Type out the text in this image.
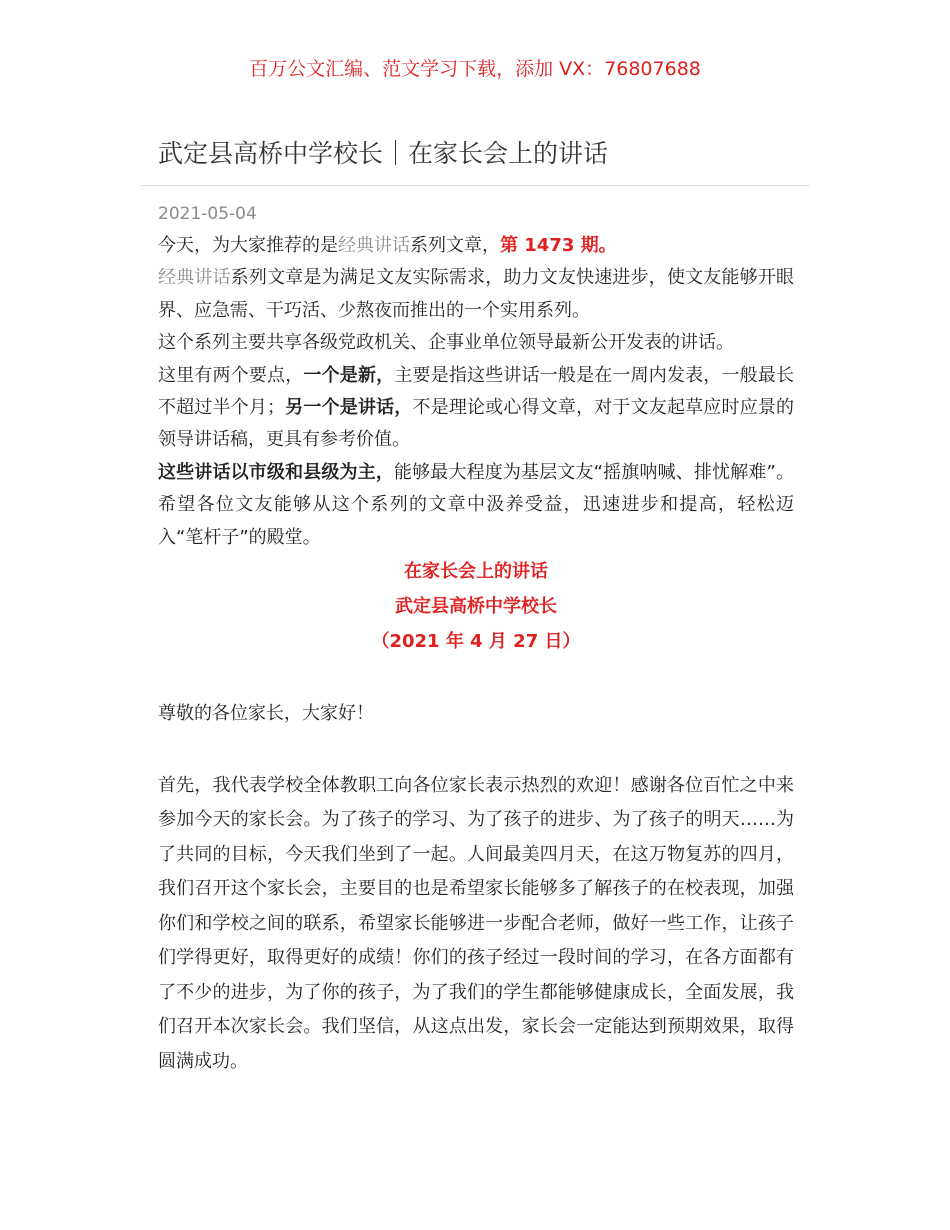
百万公文汇编、范文学习下载，添加 VX：76807688
武定县高桥中学校长｜在家长会上的讲话
2021-05-04

今天，为大家推荐的是经典讲话系列文章，第 1473 期。

经典讲话系列文章是为满足文友实际需求，助力文友快速进步，使文友能够开眼界、应急需、干巧活、少熬夜而推出的一个实用系列。

这个系列主要共享各级党政机关、企事业单位领导最新公开发表的讲话。

这里有两个要点，一个是新，主要是指这些讲话一般是在一周内发表，一般最长不超过半个月；另一个是讲话，不是理论或心得文章，对于文友起草应时应景的领导讲话稿，更具有参考价值。

这些讲话以市级和县级为主，能够最大程度为基层文友“摇旗呐喊、排忧解难”。希望各位文友能够从这个系列的文章中汲养受益，迅速进步和提高，轻松迈入“笔杆子”的殿堂。

在家长会上的讲话
武定县高桥中学校长
（2021 年 4 月 27 日）

尊敬的各位家长，大家好！

首先，我代表学校全体教职工向各位家长表示热烈的欢迎！感谢各位百忙之中来参加今天的家长会。为了孩子的学习、为了孩子的进步、为了孩子的明天……为了共同的目标，今天我们坐到了一起。人间最美四月天，在这万物复苏的四月，我们召开这个家长会，主要目的也是希望家长能够多了解孩子的在校表现，加强你们和学校之间的联系，希望家长能够进一步配合老师，做好一些工作，让孩子们学得更好，取得更好的成绩！你们的孩子经过一段时间的学习，在各方面都有了不少的进步，为了你的孩子，为了我们的学生都能够健康成长，全面发展，我们召开本次家长会。我们坚信，从这点出发，家长会一定能达到预期效果，取得圆满成功。
